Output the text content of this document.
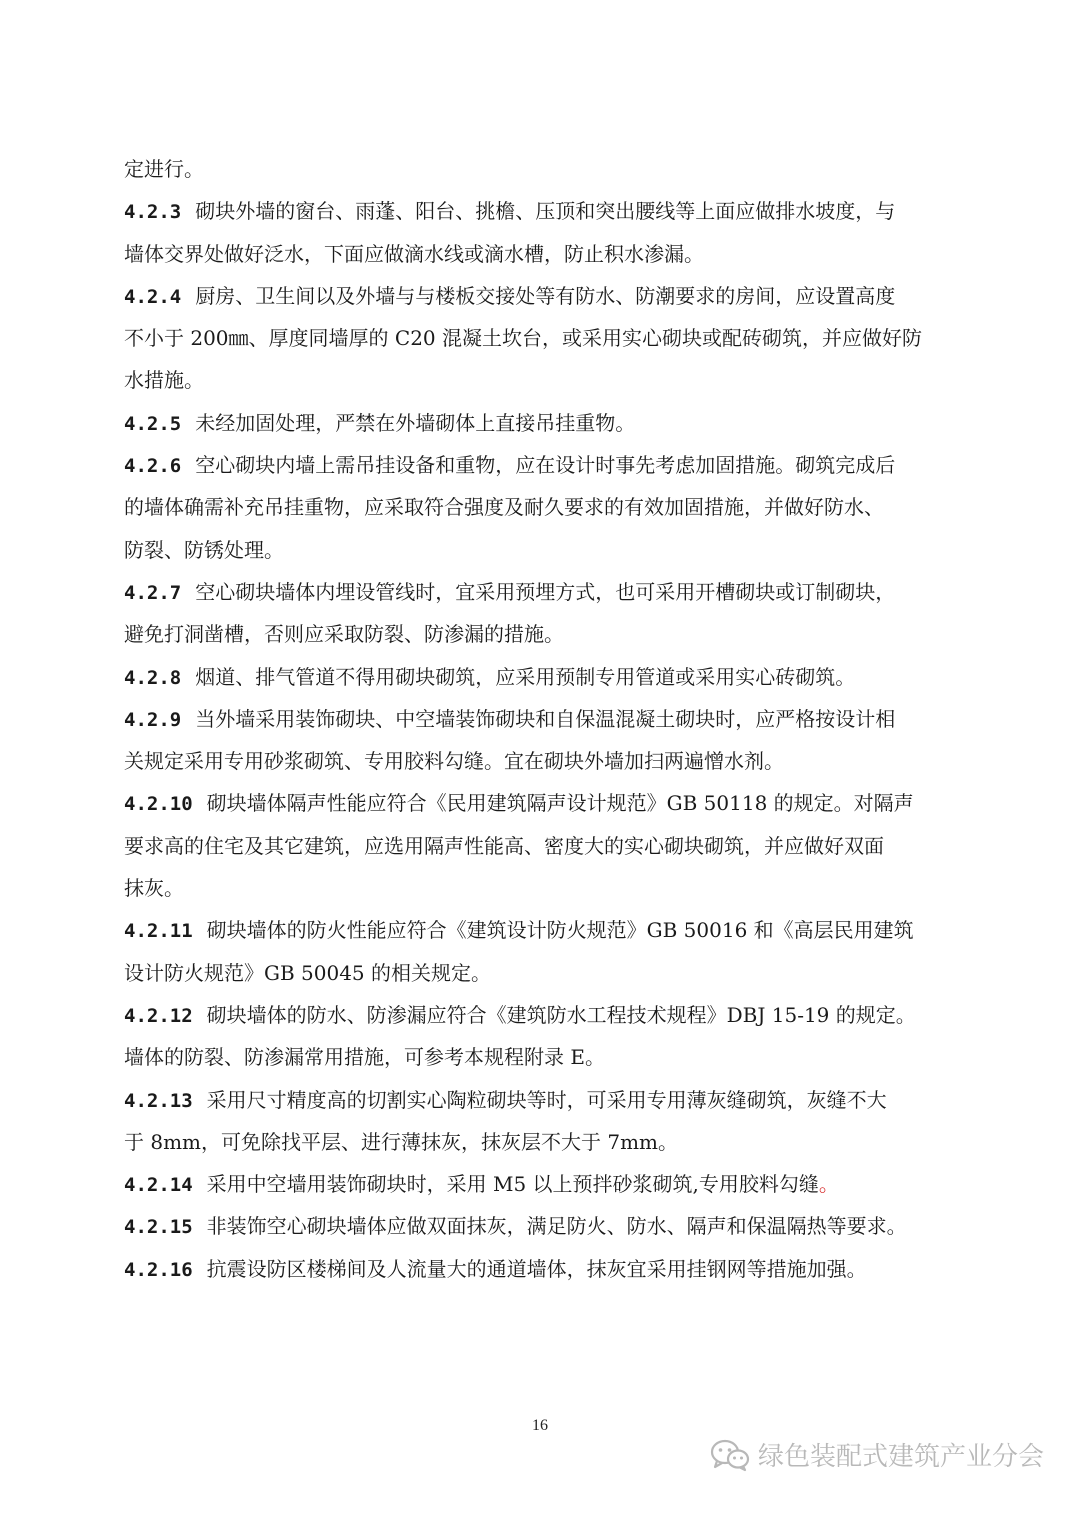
定进行。
4.2.3 砌块外墙的窗台、雨蓬、阳台、挑檐、压顶和突出腰线等上面应做排水坡度，与
墙体交界处做好泛水，下面应做滴水线或滴水槽，防止积水渗漏。
4.2.4 厨房、卫生间以及外墙与与楼板交接处等有防水、防潮要求的房间，应设置高度
不小于 200㎜、厚度同墙厚的 C20 混凝土坎台，或采用实心砌块或配砖砌筑，并应做好防
水措施。
4.2.5 未经加固处理，严禁在外墙砌体上直接吊挂重物。
4.2.6 空心砌块内墙上需吊挂设备和重物，应在设计时事先考虑加固措施。砌筑完成后
的墙体确需补充吊挂重物，应采取符合强度及耐久要求的有效加固措施，并做好防水、
防裂、防锈处理。
4.2.7 空心砌块墙体内埋设管线时，宜采用预埋方式，也可采用开槽砌块或订制砌块，
避免打洞凿槽，否则应采取防裂、防渗漏的措施。
4.2.8 烟道、排气管道不得用砌块砌筑，应采用预制专用管道或采用实心砖砌筑。
4.2.9 当外墙采用装饰砌块、中空墙装饰砌块和自保温混凝土砌块时，应严格按设计相
关规定采用专用砂浆砌筑、专用胶料勾缝。宜在砌块外墙加扫两遍憎水剂。
4.2.10 砌块墙体隔声性能应符合《民用建筑隔声设计规范》GB 50118 的规定。对隔声
要求高的住宅及其它建筑，应选用隔声性能高、密度大的实心砌块砌筑，并应做好双面
抹灰。
4.2.11 砌块墙体的防火性能应符合《建筑设计防火规范》GB 50016 和《高层民用建筑
设计防火规范》GB 50045 的相关规定。
4.2.12 砌块墙体的防水、防渗漏应符合《建筑防水工程技术规程》DBJ 15-19 的规定。
墙体的防裂、防渗漏常用措施，可参考本规程附录 E。
4.2.13 采用尺寸精度高的切割实心陶粒砌块等时，可采用专用薄灰缝砌筑，灰缝不大
于 8mm，可免除找平层、进行薄抹灰，抹灰层不大于 7mm。
4.2.14 采用中空墙用装饰砌块时，采用 M5 以上预拌砂浆砌筑,专用胶料勾缝。
4.2.15 非装饰空心砌块墙体应做双面抹灰，满足防火、防水、隔声和保温隔热等要求。
4.2.16 抗震设防区楼梯间及人流量大的通道墙体，抹灰宜采用挂钢网等措施加强。
16
绿色装配式建筑产业分会
